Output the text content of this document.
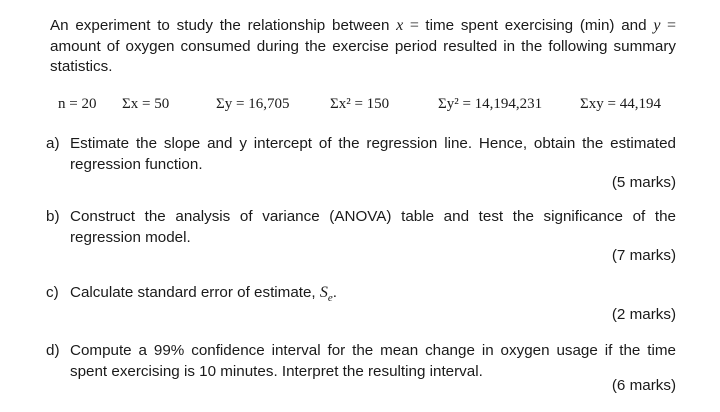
An experiment to study the relationship between x = time spent exercising (min) and y = amount of oxygen consumed during the exercise period resulted in the following summary statistics.
n = 20 Σx = 50	Σy = 16,705	Σx² = 150	Σy² = 14,194,231	Σxy = 44,194
a) Estimate the slope and y intercept of the regression line. Hence, obtain the estimated regression function.
(5 marks)
b) Construct the analysis of variance (ANOVA) table and test the significance of the regression model.
(7 marks)
c) Calculate standard error of estimate, $S_e$.
(2 marks)
d) Compute a 99% confidence interval for the mean change in oxygen usage if the time spent exercising is 10 minutes. Interpret the resulting interval.
(6 marks)
